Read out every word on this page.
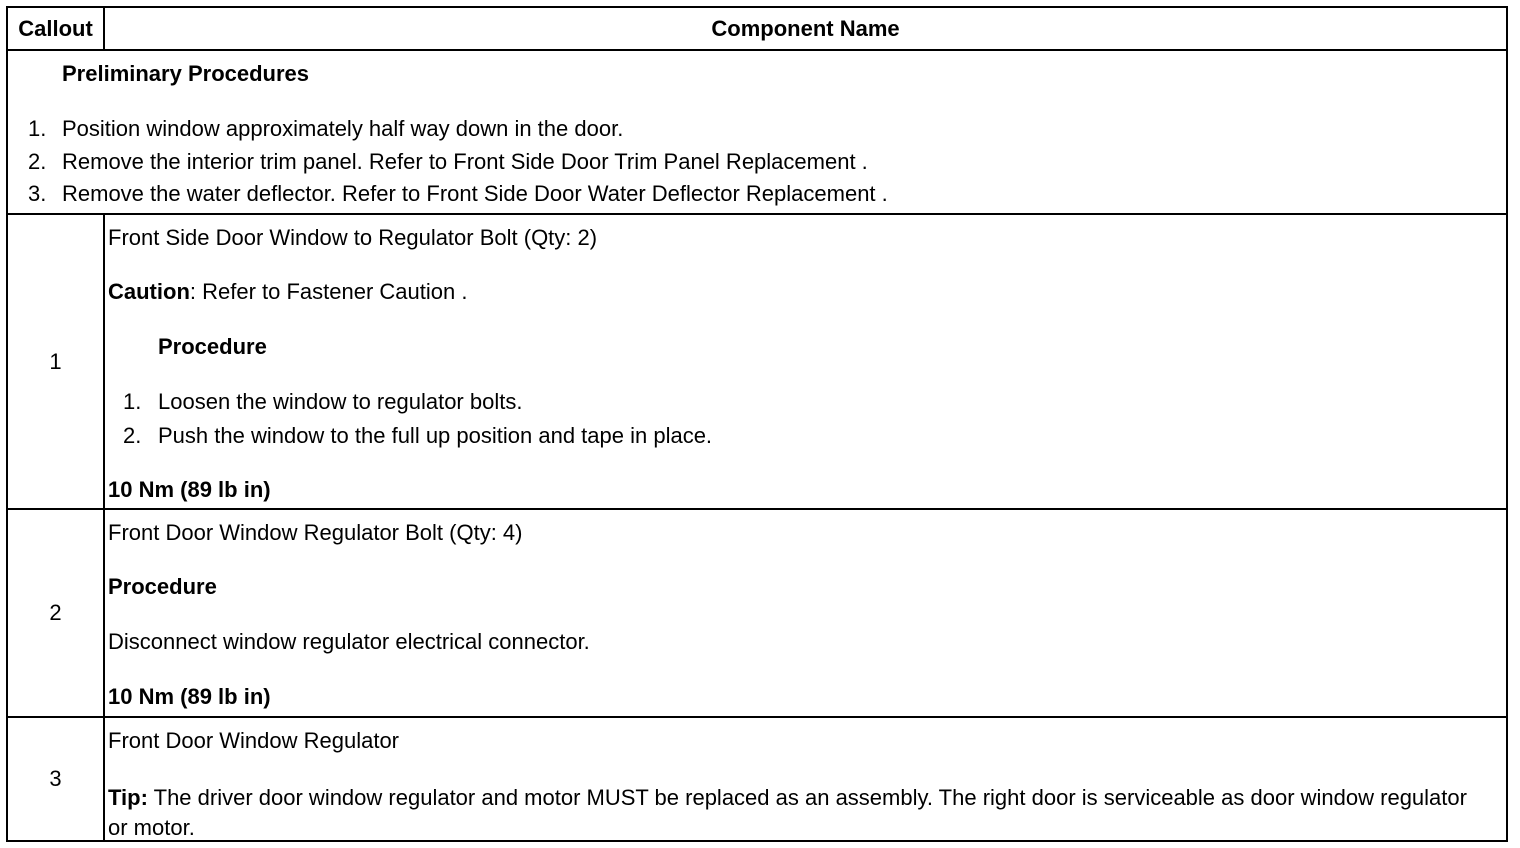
Callout	Component Name
Preliminary Procedures
1. Position window approximately half way down in the door.
2. Remove the interior trim panel. Refer to Front Side Door Trim Panel Replacement .
3. Remove the water deflector. Refer to Front Side Door Water Deflector Replacement .
1
Front Side Door Window to Regulator Bolt (Qty: 2)
Caution: Refer to Fastener Caution .
Procedure
1. Loosen the window to regulator bolts.
2. Push the window to the full up position and tape in place.
10 Nm (89 lb in)
2
Front Door Window Regulator Bolt (Qty: 4)
Procedure
Disconnect window regulator electrical connector.
10 Nm (89 lb in)
3
Front Door Window Regulator
Tip: The driver door window regulator and motor MUST be replaced as an assembly. The right door is serviceable as door window regulator or motor.
